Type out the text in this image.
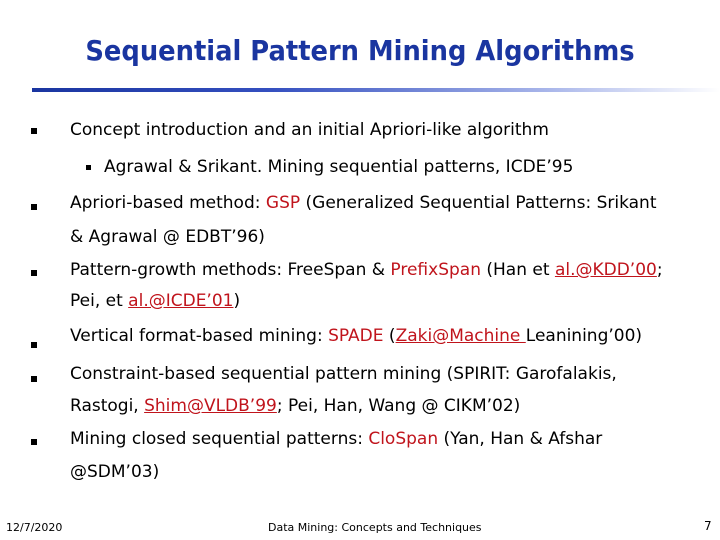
Sequential Pattern Mining Algorithms
Concept introduction and an initial Apriori-like algorithm
Agrawal & Srikant. Mining sequential patterns, ICDE’95
Apriori-based method: GSP (Generalized Sequential Patterns: Srikant
& Agrawal @ EDBT’96)
Pattern-growth methods: FreeSpan & PrefixSpan (Han et al.@KDD’00;
Pei, et al.@ICDE’01)
Vertical format-based mining: SPADE (Zaki@Machine Leanining’00)
Constraint-based sequential pattern mining (SPIRIT: Garofalakis,
Rastogi, Shim@VLDB’99; Pei, Han, Wang @ CIKM’02)
Mining closed sequential patterns: CloSpan (Yan, Han & Afshar
@SDM’03)
12/7/2020	Data Mining: Concepts and Techniques	7
